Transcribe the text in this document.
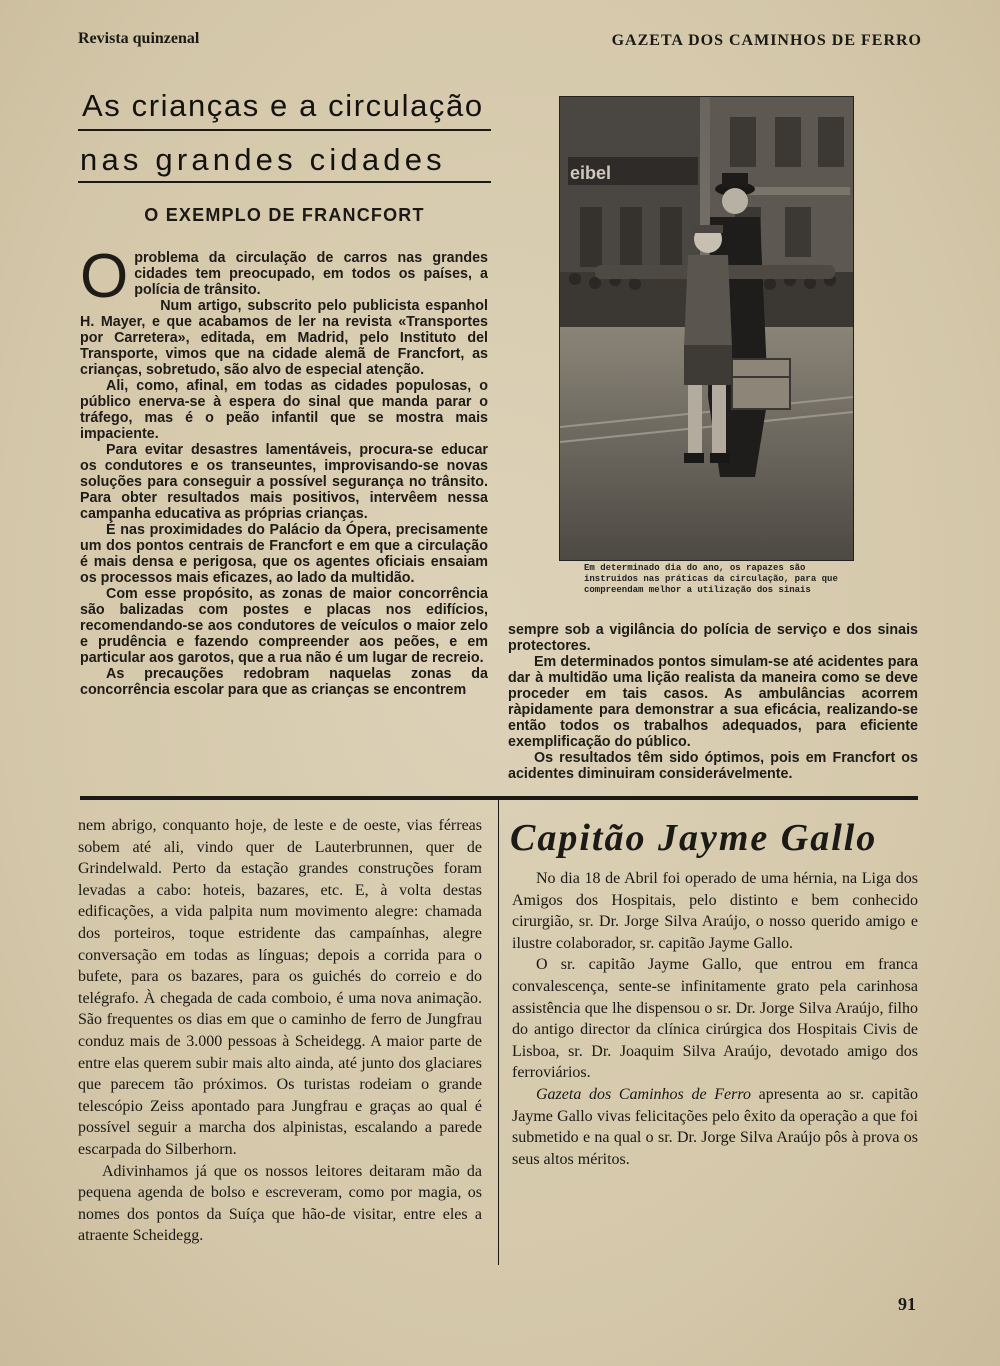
Revista quinzenal	GAZETA DOS CAMINHOS DE FERRO
As crianças e a circulação
nas grandes cidades
O EXEMPLO DE FRANCFORT

Oproblema da circulação de carros nas grandes cidades tem preocupado, em todos os países, a polícia de trânsito.

Num artigo, subscrito pelo publicista espanhol H. Mayer, e que acabamos de ler na revista «Transportes por Carretera», editada, em Madrid, pelo Instituto del Transporte, vimos que na cidade alemã de Francfort, as crianças, sobretudo, são alvo de especial atenção.

Ali, como, afinal, em todas as cidades populosas, o público enerva-se à espera do sinal que manda parar o tráfego, mas é o peão infantil que se mostra mais impaciente.

Para evitar desastres lamentáveis, procura-se educar os condutores e os transeuntes, improvisando-se novas soluções para conseguir a possível segurança no trânsito. Para obter resultados mais positivos, intervêem nessa campanha educativa as próprias crianças.

É nas proximidades do Palácio da Ópera, precisamente um dos pontos centrais de Francfort e em que a circulação é mais densa e perigosa, que os agentes oficiais ensaiam os processos mais eficazes, ao lado da multidão.

Com esse propósito, as zonas de maior concorrência são balizadas com postes e placas nos edifícios, recomendando-se aos condutores de veículos o maior zelo e prudência e fazendo compreender aos peões, e em particular aos garotos, que a rua não é um lugar de recreio.

As precauções redobram naquelas zonas da concorrência escolar para que as crianças se encontrem

eibel
Em determinado dia do ano, os rapazes são
instruidos nas práticas da circulação, para que
compreendam melhor a utilização dos sinais

sempre sob a vigilância do polícia de serviço e dos sinais protectores.

Em determinados pontos simulam-se até acidentes para dar à multidão uma lição realista da maneira como se deve proceder em tais casos. As ambulâncias acorrem ràpidamente para demonstrar a sua eficácia, realizando-se então todos os trabalhos adequados, para eficiente exemplificação do público.

Os resultados têm sido óptimos, pois em Francfort os acidentes diminuiram considerávelmente.

nem abrigo, conquanto hoje, de leste e de oeste, vias férreas sobem até ali, vindo quer de Lauterbrunnen, quer de Grindelwald. Perto da estação grandes construções foram levadas a cabo: hoteis, bazares, etc. E, à volta destas edificações, a vida palpita num movimento alegre: chamada dos porteiros, toque estridente das campaínhas, alegre conversação em todas as línguas; depois a corrida para o bufete, para os bazares, para os guichés do correio e do telégrafo. À chegada de cada comboio, é uma nova animação. São frequentes os dias em que o caminho de ferro de Jungfrau conduz mais de 3.000 pessoas à Scheidegg. A maior parte de entre elas querem subir mais alto ainda, até junto dos glaciares que parecem tão próximos. Os turistas rodeiam o grande telescópio Zeiss apontado para Jungfrau e graças ao qual é possível seguir a marcha dos alpinistas, escalando a parede escarpada do Silberhorn.

Adivinhamos já que os nossos leitores deitaram mão da pequena agenda de bolso e escreveram, como por magia, os nomes dos pontos da Suíça que hão-de visitar, entre eles a atraente Scheidegg.

Capitão Jayme Gallo

No dia 18 de Abril foi operado de uma hérnia, na Liga dos Amigos dos Hospitais, pelo distinto e bem conhecido cirurgião, sr. Dr. Jorge Silva Araújo, o nosso querido amigo e ilustre colaborador, sr. capitão Jayme Gallo.

O sr. capitão Jayme Gallo, que entrou em franca convalescença, sente-se infinitamente grato pela carinhosa assistência que lhe dispensou o sr. Dr. Jorge Silva Araújo, filho do antigo director da clínica cirúrgica dos Hospitais Civis de Lisboa, sr. Dr. Joaquim Silva Araújo, devotado amigo dos ferroviários.

Gazeta dos Caminhos de Ferro apresenta ao sr. capitão Jayme Gallo vivas felicitações pelo êxito da operação a que foi submetido e na qual o sr. Dr. Jorge Silva Araújo pôs à prova os seus altos méritos.

91
